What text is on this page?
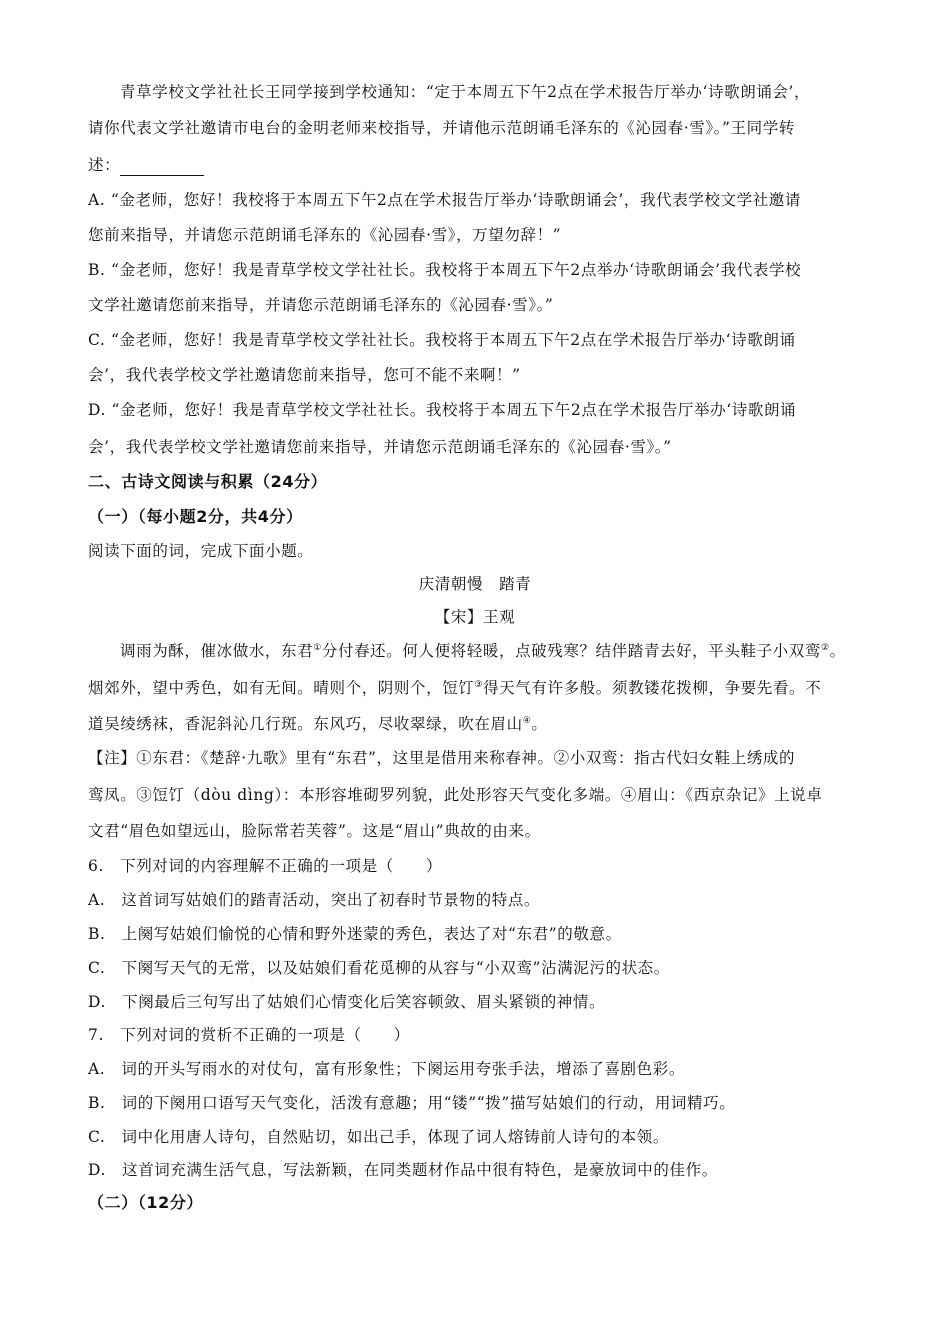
青草学校文学社社长王同学接到学校通知：“定于本周五下午2点在学术报告厅举办‘诗歌朗诵会’，
请你代表文学社邀请市电台的金明老师来校指导，并请他示范朗诵毛泽东的《沁园春·雪》。”王同学转
述：
A. “金老师，您好！我校将于本周五下午2点在学术报告厅举办‘诗歌朗诵会’，我代表学校文学社邀请
您前来指导，并请您示范朗诵毛泽东的《沁园春·雪》，万望勿辞！”
B. “金老师，您好！我是青草学校文学社社长。我校将于本周五下午2点举办‘诗歌朗诵会’我代表学校
文学社邀请您前来指导，并请您示范朗诵毛泽东的《沁园春·雪》。”
C. “金老师，您好！我是青草学校文学社社长。我校将于本周五下午2点在学术报告厅举办‘诗歌朗诵
会’，我代表学校文学社邀请您前来指导，您可不能不来啊！”
D. “金老师，您好！我是青草学校文学社社长。我校将于本周五下午2点在学术报告厅举办‘诗歌朗诵
会’，我代表学校文学社邀请您前来指导，并请您示范朗诵毛泽东的《沁园春·雪》。”
二、古诗文阅读与积累（24分）
（一）（每小题2分，共4分）
阅读下面的词，完成下面小题。
庆清朝慢　踏青
【宋】王观
调雨为酥，催冰做水，东君①分付春还。何人便将轻暖，点破残寒？结伴踏青去好，平头鞋子小双鸾②。
烟郊外，望中秀色，如有无间。晴则个，阴则个，饾饤③得天气有许多般。须教镂花拨柳，争要先看。不
道吴绫绣袜，香泥斜沁几行斑。东风巧，尽收翠绿，吹在眉山④。
【注】①东君：《楚辞·九歌》里有“东君”，这里是借用来称春神。②小双鸾：指古代妇女鞋上绣成的
鸾凤。③饾饤（dòu dìng）：本形容堆砌罗列貌，此处形容天气变化多端。④眉山：《西京杂记》上说卓
文君“眉色如望远山，脸际常若芙蓉”。这是“眉山”典故的由来。
6.　下列对词的内容理解不正确的一项是（　　）
A.　这首词写姑娘们的踏青活动，突出了初春时节景物的特点。
B.　上阕写姑娘们愉悦的心情和野外迷蒙的秀色，表达了对“东君”的敬意。
C.　下阕写天气的无常，以及姑娘们看花觅柳的从容与“小双鸾”沾满泥污的状态。
D.　下阕最后三句写出了姑娘们心情变化后笑容顿敛、眉头紧锁的神情。
7.　下列对词的赏析不正确的一项是（　　）
A.　词的开头写雨水的对仗句，富有形象性；下阕运用夸张手法，增添了喜剧色彩。
B.　词的下阕用口语写天气变化，活泼有意趣；用“镂”“拨”描写姑娘们的行动，用词精巧。
C.　词中化用唐人诗句，自然贴切，如出己手，体现了词人熔铸前人诗句的本领。
D.　这首词充满生活气息，写法新颖，在同类题材作品中很有特色，是豪放词中的佳作。
（二）（12分）
